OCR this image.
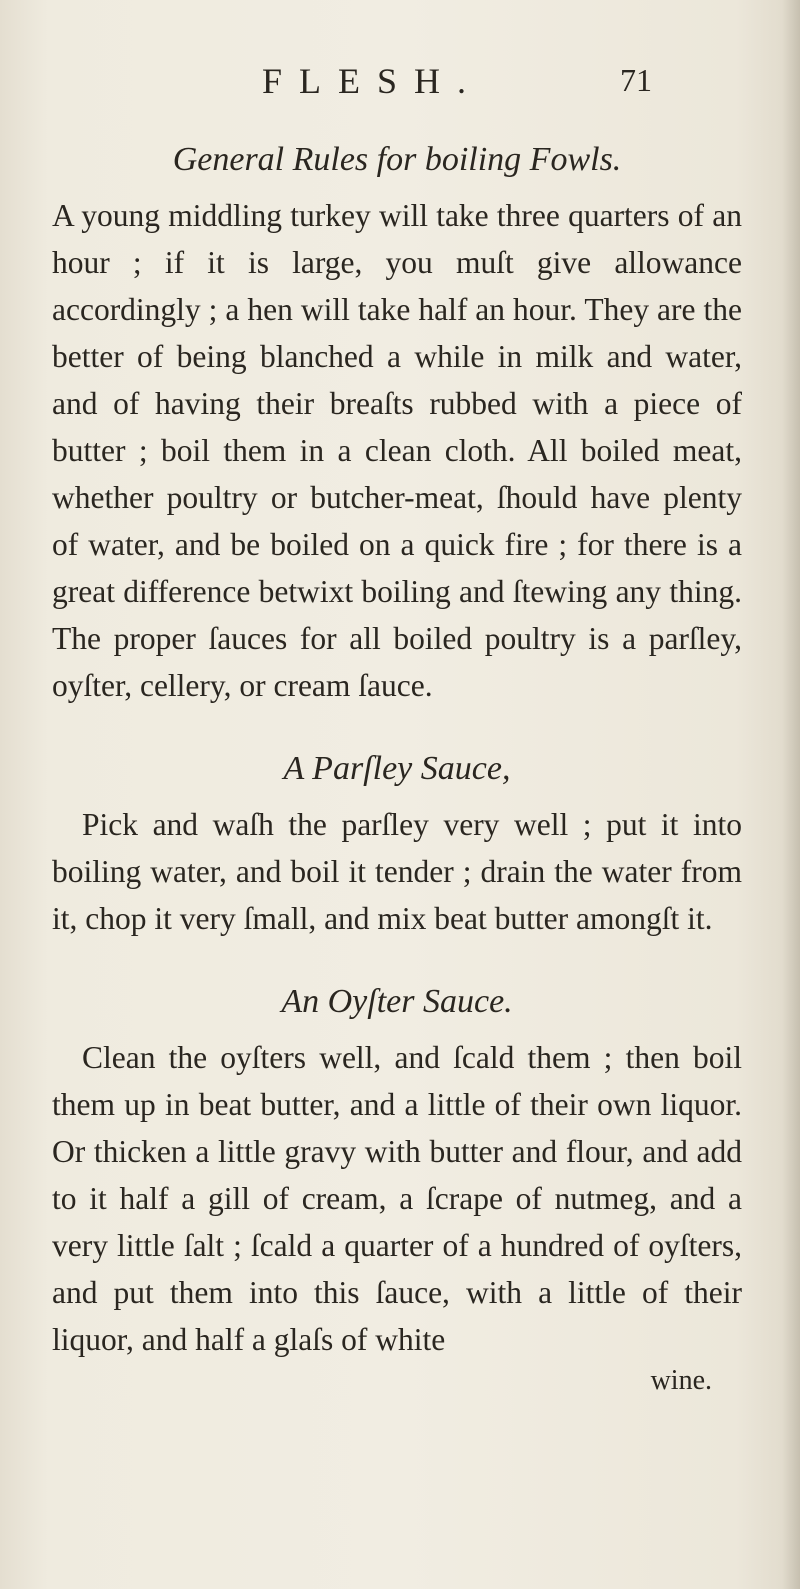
FLESH.	71
General Rules for boiling Fowls.

A young middling turkey will take three quarters of an hour ; if it is large, you muſt give allowance accordingly ; a hen will take half an hour. They are the better of being blanched a while in milk and water, and of having their breaſts rubbed with a piece of butter ; boil them in a clean cloth. All boiled meat, whether poultry or butcher-meat, ſhould have plenty of water, and be boiled on a quick fire ; for there is a great difference betwixt boiling and ſtewing any thing. The proper ſauces for all boiled poultry is a parſley, oyſter, cellery, or cream ſauce.

A Parſley Sauce,

Pick and waſh the parſley very well ; put it into boiling water, and boil it tender ; drain the water from it, chop it very ſmall, and mix beat butter amongſt it.

An Oyſter Sauce.

Clean the oyſters well, and ſcald them ; then boil them up in beat butter, and a little of their own liquor. Or thicken a little gravy with butter and flour, and add to it half a gill of cream, a ſcrape of nutmeg, and a very little ſalt ; ſcald a quarter of a hundred of oyſters, and put them into this ſauce, with a little of their liquor, and half a glaſs of white

wine.
